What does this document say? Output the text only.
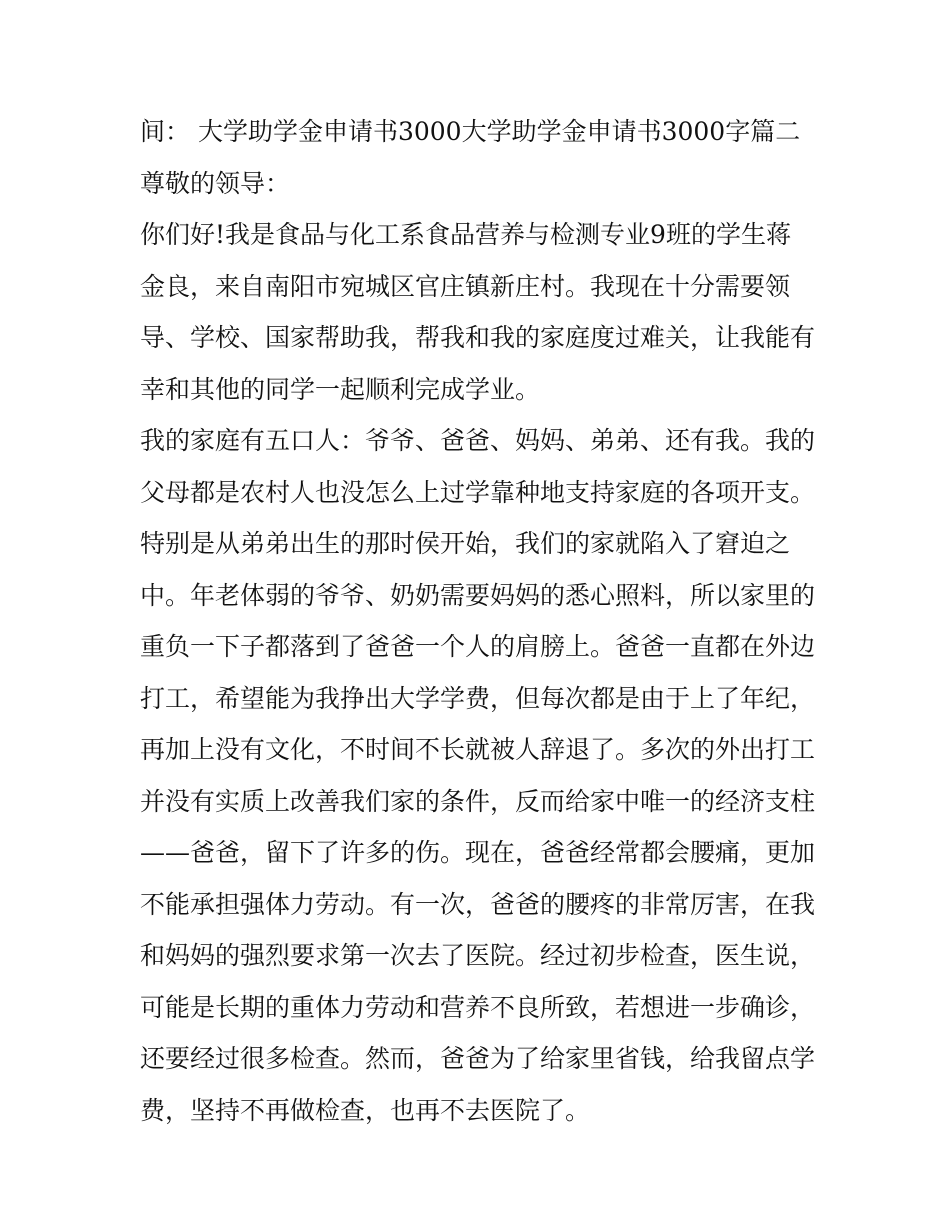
间： 大学助学金申请书3000大学助学金申请书3000字篇二
尊敬的领导：
你们好!我是食品与化工系食品营养与检测专业9班的学生蒋
金良，来自南阳市宛城区官庄镇新庄村。我现在十分需要领
导、学校、国家帮助我，帮我和我的家庭度过难关，让我能有
幸和其他的同学一起顺利完成学业。
我的家庭有五口人：爷爷、爸爸、妈妈、弟弟、还有我。我的
父母都是农村人也没怎么上过学靠种地支持家庭的各项开支。
特别是从弟弟出生的那时侯开始，我们的家就陷入了窘迫之
中。年老体弱的爷爷、奶奶需要妈妈的悉心照料，所以家里的
重负一下子都落到了爸爸一个人的肩膀上。爸爸一直都在外边
打工，希望能为我挣出大学学费，但每次都是由于上了年纪，
再加上没有文化，不时间不长就被人辞退了。多次的外出打工
并没有实质上改善我们家的条件，反而给家中唯一的经济支柱
——爸爸，留下了许多的伤。现在，爸爸经常都会腰痛，更加
不能承担强体力劳动。有一次，爸爸的腰疼的非常厉害，在我
和妈妈的强烈要求第一次去了医院。经过初步检查，医生说，
可能是长期的重体力劳动和营养不良所致，若想进一步确诊，
还要经过很多检查。然而，爸爸为了给家里省钱，给我留点学
费，坚持不再做检查，也再不去医院了。
